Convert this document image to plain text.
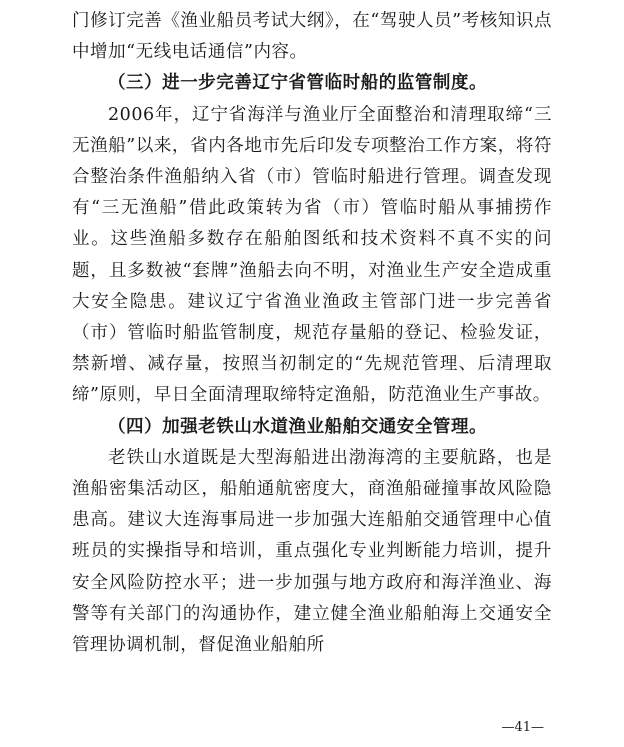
门修订完善《渔业船员考试大纲》，在“驾驶人员”考核知识点中增加“无线电话通信”内容。

（三）进一步完善辽宁省管临时船的监管制度。

2006年，辽宁省海洋与渔业厅全面整治和清理取缔“三无渔船”以来，省内各地市先后印发专项整治工作方案，将符合整治条件渔船纳入省（市）管临时船进行管理。调查发现有“三无渔船”借此政策转为省（市）管临时船从事捕捞作业。这些渔船多数存在船舶图纸和技术资料不真不实的问题，且多数被“套牌”渔船去向不明，对渔业生产安全造成重大安全隐患。建议辽宁省渔业渔政主管部门进一步完善省（市）管临时船监管制度，规范存量船的登记、检验发证，禁新增、减存量，按照当初制定的“先规范管理、后清理取缔”原则，早日全面清理取缔特定渔船，防范渔业生产事故。

（四）加强老铁山水道渔业船舶交通安全管理。

老铁山水道既是大型海船进出渤海湾的主要航路，也是渔船密集活动区，船舶通航密度大，商渔船碰撞事故风险隐患高。建议大连海事局进一步加强大连船舶交通管理中心值班员的实操指导和培训，重点强化专业判断能力培训，提升安全风险防控水平；进一步加强与地方政府和海洋渔业、海警等有关部门的沟通协作，建立健全渔业船舶海上交通安全管理协调机制，督促渔业船舶所

—41—
